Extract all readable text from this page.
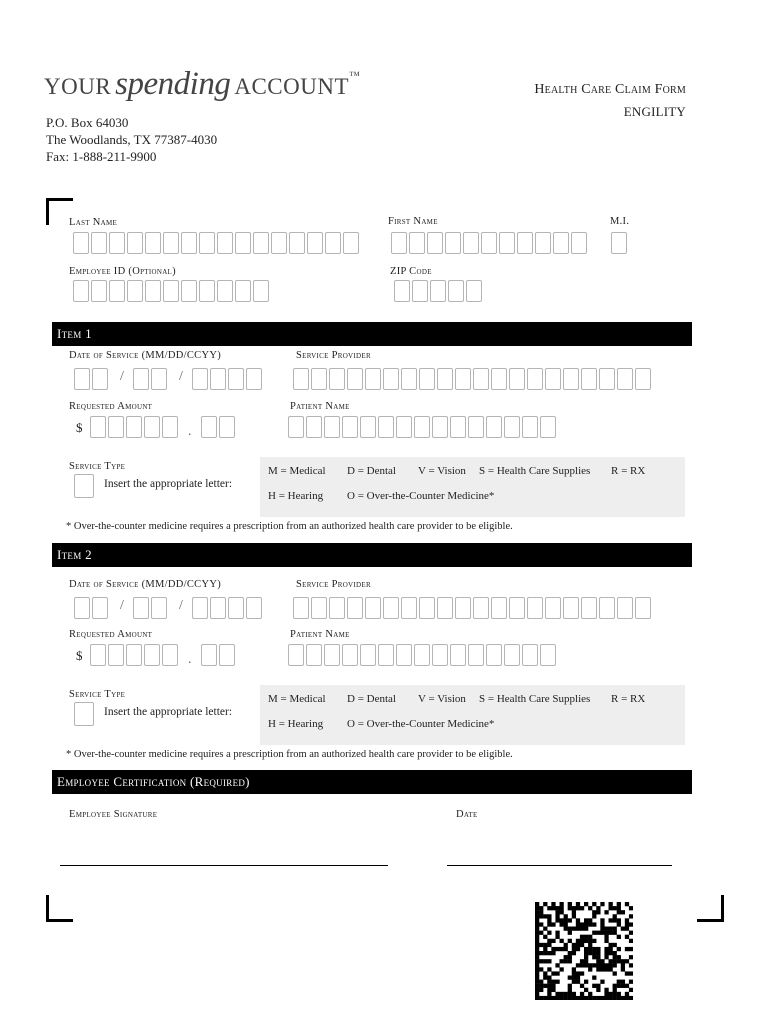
YOUR spending ACCOUNT™
P.O. Box 64030
The Woodlands, TX 77387-4030
Fax: 1-888-211-9900
Health Care Claim Form
ENGILITY
Last Name	First Name	M.I.
Employee ID (Optional)	ZIP Code
Item 1
Date of Service (MM/DD/CCYY)	Service Provider
/	/
Requested Amount	Patient Name
$	.
Service Type
Insert the appropriate letter:
M = Medical D = Dental V = Vision S = Health Care Supplies R = RX
H = Hearing O = Over-the-Counter Medicine*
* Over-the-counter medicine requires a prescription from an authorized health care provider to be eligible.
Item 2
Date of Service (MM/DD/CCYY)	Service Provider
/	/
Requested Amount	Patient Name
$	.
Service Type
Insert the appropriate letter:
M = Medical D = Dental V = Vision S = Health Care Supplies R = RX
H = Hearing O = Over-the-Counter Medicine*
* Over-the-counter medicine requires a prescription from an authorized health care provider to be eligible.
Employee Certification (Required)
Employee Signature	Date
